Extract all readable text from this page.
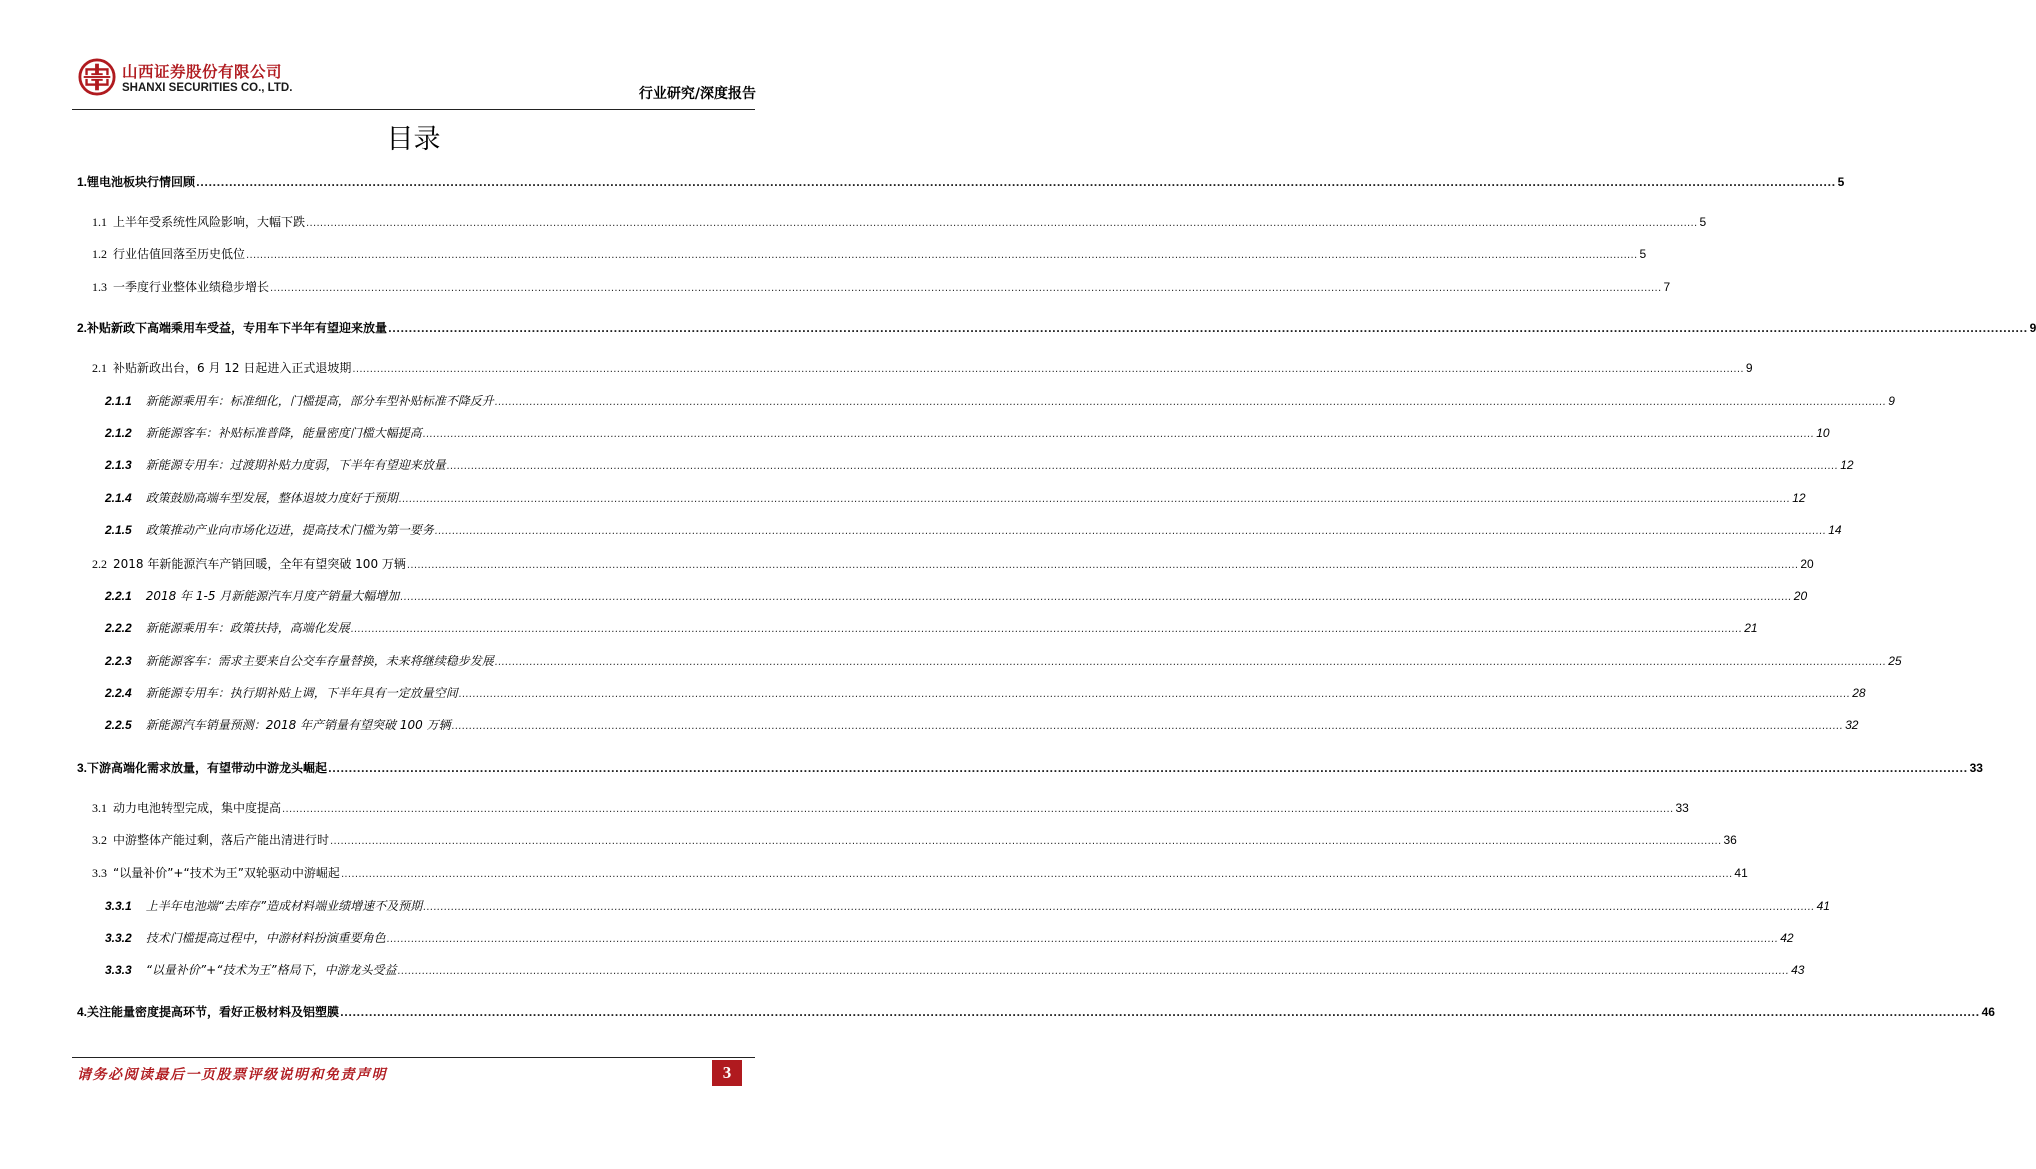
山西证券股份有限公司
SHANXI SECURITIES CO., LTD.	行业研究/深度报告
目录
1.锂电池板块行情回顾 ................................................................................................................................................................................................................................................................................................................................................................................................................ 5
1.1 上半年受系统性风险影响，大幅下跌 ................................................................................................................................................................................................................................................................................................................................................................................................................ 5
1.2 行业估值回落至历史低位 ................................................................................................................................................................................................................................................................................................................................................................................................................ 5
1.3 一季度行业整体业绩稳步增长 ................................................................................................................................................................................................................................................................................................................................................................................................................ 7
2.补贴新政下高端乘用车受益，专用车下半年有望迎来放量 ................................................................................................................................................................................................................................................................................................................................................................................................................ 9
2.1 补贴新政出台，6 月 12 日起进入正式退坡期 ................................................................................................................................................................................................................................................................................................................................................................................................................ 9
2.1.1 新能源乘用车：标准细化，门槛提高，部分车型补贴标准不降反升 ................................................................................................................................................................................................................................................................................................................................................................................................................ 9
2.1.2 新能源客车：补贴标准普降，能量密度门槛大幅提高 ................................................................................................................................................................................................................................................................................................................................................................................................................ 10
2.1.3 新能源专用车：过渡期补贴力度弱，下半年有望迎来放量 ................................................................................................................................................................................................................................................................................................................................................................................................................ 12
2.1.4 政策鼓励高端车型发展，整体退坡力度好于预期 ................................................................................................................................................................................................................................................................................................................................................................................................................ 12
2.1.5 政策推动产业向市场化迈进，提高技术门槛为第一要务 ................................................................................................................................................................................................................................................................................................................................................................................................................ 14
2.2 2018 年新能源汽车产销回暖，全年有望突破 100 万辆 ................................................................................................................................................................................................................................................................................................................................................................................................................ 20
2.2.1 2018 年 1-5 月新能源汽车月度产销量大幅增加 ................................................................................................................................................................................................................................................................................................................................................................................................................ 20
2.2.2 新能源乘用车：政策扶持，高端化发展 ................................................................................................................................................................................................................................................................................................................................................................................................................ 21
2.2.3 新能源客车：需求主要来自公交车存量替换，未来将继续稳步发展 ................................................................................................................................................................................................................................................................................................................................................................................................................ 25
2.2.4 新能源专用车：执行期补贴上调，下半年具有一定放量空间 ................................................................................................................................................................................................................................................................................................................................................................................................................ 28
2.2.5 新能源汽车销量预测：2018 年产销量有望突破 100 万辆 ................................................................................................................................................................................................................................................................................................................................................................................................................ 32
3.下游高端化需求放量，有望带动中游龙头崛起 ................................................................................................................................................................................................................................................................................................................................................................................................................ 33
3.1 动力电池转型完成，集中度提高 ................................................................................................................................................................................................................................................................................................................................................................................................................ 33
3.2 中游整体产能过剩，落后产能出清进行时 ................................................................................................................................................................................................................................................................................................................................................................................................................ 36
3.3 “以量补价”+“技术为王”双轮驱动中游崛起 ................................................................................................................................................................................................................................................................................................................................................................................................................ 41
3.3.1 上半年电池端“去库存”造成材料端业绩增速不及预期 ................................................................................................................................................................................................................................................................................................................................................................................................................ 41
3.3.2 技术门槛提高过程中，中游材料扮演重要角色 ................................................................................................................................................................................................................................................................................................................................................................................................................ 42
3.3.3 “以量补价”+“技术为王”格局下，中游龙头受益 ................................................................................................................................................................................................................................................................................................................................................................................................................ 43
4.关注能量密度提高环节，看好正极材料及铝塑膜 ................................................................................................................................................................................................................................................................................................................................................................................................................ 46
请务必阅读最后一页股票评级说明和免责声明	3
